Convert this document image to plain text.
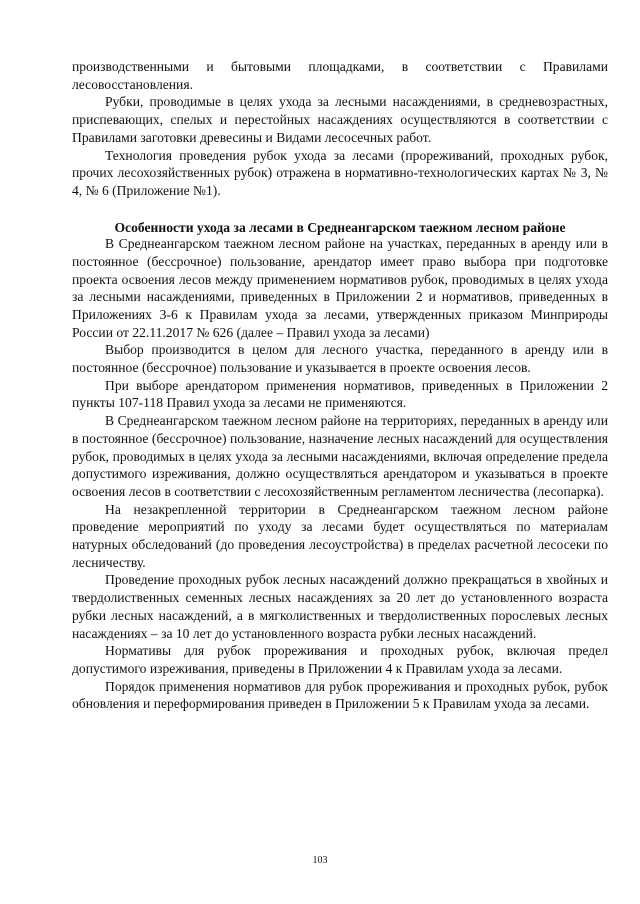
производственными и бытовыми площадками, в соответствии с Правилами лесовосстановления.

Рубки, проводимые в целях ухода за лесными насаждениями, в средневозрастных, приспевающих, спелых и перестойных насаждениях осуществляются в соответствии с Правилами заготовки древесины и Видами лесосечных работ.

Технология проведения рубок ухода за лесами (прореживаний, проходных рубок, прочих лесохозяйственных рубок) отражена в нормативно-технологических картах № 3, № 4, № 6 (Приложение №1).

Особенности ухода за лесами в Среднеангарском таежном лесном районе

В Среднеангарском таежном лесном районе на участках, переданных в аренду или в постоянное (бессрочное) пользование, арендатор имеет право выбора при подготовке проекта освоения лесов между применением нормативов рубок, проводимых в целях ухода за лесными насаждениями, приведенных в Приложении 2 и нормативов, приведенных в Приложениях 3-6 к Правилам ухода за лесами, утвержденных приказом Минприроды России от 22.11.2017 № 626 (далее – Правил ухода за лесами)

Выбор производится в целом для лесного участка, переданного в аренду или в постоянное (бессрочное) пользование и указывается в проекте освоения лесов.

При выборе арендатором применения нормативов, приведенных в Приложении 2 пункты 107-118 Правил ухода за лесами не применяются.

В Среднеангарском таежном лесном районе на территориях, переданных в аренду или в постоянное (бессрочное) пользование, назначение лесных насаждений для осуществления рубок, проводимых в целях ухода за лесными насаждениями, включая определение предела допустимого изреживания, должно осуществляться арендатором и указываться в проекте освоения лесов в соответствии с лесохозяйственным регламентом лесничества (лесопарка).

На незакрепленной территории в Среднеангарском таежном лесном районе проведение мероприятий по уходу за лесами будет осуществляться по материалам натурных обследований (до проведения лесоустройства) в пределах расчетной лесосеки по лесничеству.

Проведение проходных рубок лесных насаждений должно прекращаться в хвойных и твердолиственных семенных лесных насаждениях за 20 лет до установленного возраста рубки лесных насаждений, а в мягколиственных и твердолиственных порослевых лесных насаждениях – за 10 лет до установленного возраста рубки лесных насаждений.

Нормативы для рубок прореживания и проходных рубок, включая предел допустимого изреживания, приведены в Приложении 4 к Правилам ухода за лесами.

Порядок применения нормативов для рубок прореживания и проходных рубок, рубок обновления и переформирования приведен в Приложении 5 к Правилам ухода за лесами.

103
